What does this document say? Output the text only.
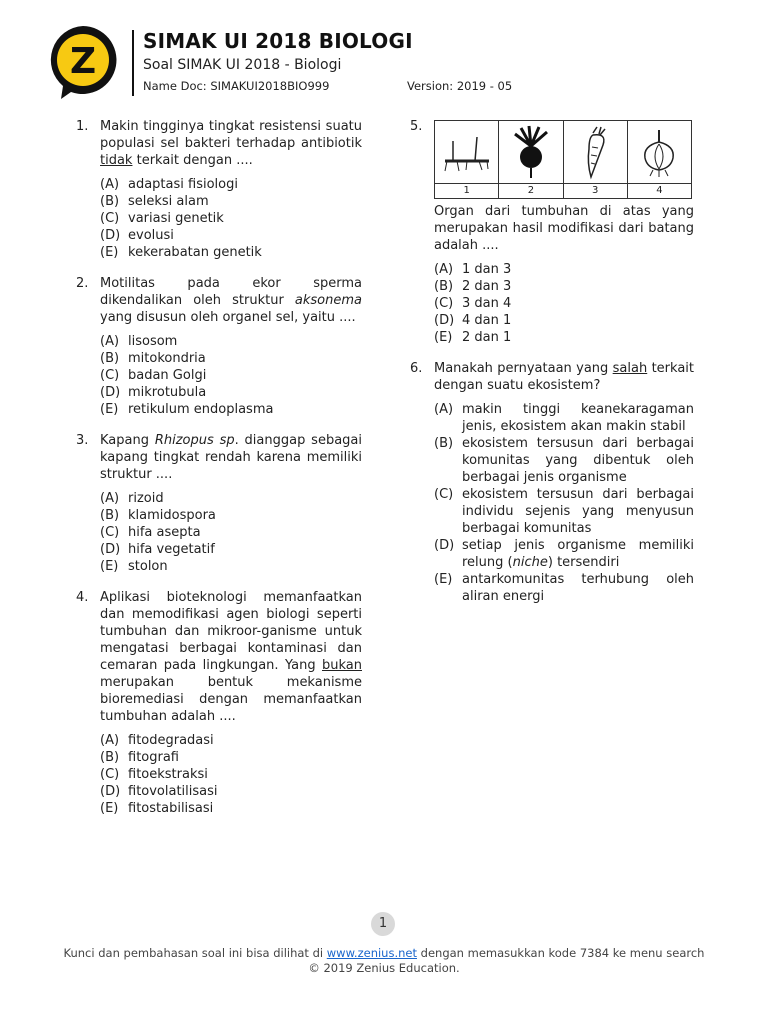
Z SIMAK UI 2018 BIOLOGI
Soal SIMAK UI 2018 - Biologi
Name Doc: SIMAKUI2018BIO999	Version: 2019 - 05
1. Makin tingginya tingkat resistensi suatu populasi sel bakteri terhadap antibiotik tidak terkait dengan ....

(A) adaptasi fisiologi
(B) seleksi alam
(C) variasi genetik
(D) evolusi
(E) kekerabatan genetik
2. Motilitas pada ekor sperma dikendalikan oleh struktur aksonema yang disusun oleh organel sel, yaitu ....

(A) lisosom
(B) mitokondria
(C) badan Golgi
(D) mikrotubula
(E) retikulum endoplasma
3. Kapang Rhizopus sp. dianggap sebagai kapang tingkat rendah karena memiliki struktur ....

(A) rizoid
(B) klamidospora
(C) hifa asepta
(D) hifa vegetatif
(E) stolon
4. Aplikasi bioteknologi memanfaatkan dan memodifikasi agen biologi seperti tumbuhan dan mikroor-ganisme untuk mengatasi berbagai kontaminasi dan cemaran pada lingkungan. Yang bukan merupakan bentuk mekanisme bioremediasi dengan memanfaatkan tumbuhan adalah ....

(A) fitodegradasi
(B) fitografi
(C) fitoekstraksi
(D) fitovolatilisasi
(E) fitostabilisasi
5.
1	2	3	4

Organ dari tumbuhan di atas yang merupakan hasil modifikasi dari batang adalah ....

(A) 1 dan 3
(B) 2 dan 3
(C) 3 dan 4
(D) 4 dan 1
(E) 2 dan 1
6. Manakah pernyataan yang salah terkait dengan suatu ekosistem?

(A) makin tinggi keanekaragaman jenis, ekosistem akan makin stabil
(B) ekosistem tersusun dari berbagai komunitas yang dibentuk oleh berbagai jenis organisme
(C) ekosistem tersusun dari berbagai individu sejenis yang menyusun berbagai komunitas
(D) setiap jenis organisme memiliki relung (niche) tersendiri
(E) antarkomunitas terhubung oleh aliran energi
1
Kunci dan pembahasan soal ini bisa dilihat di www.zenius.net dengan memasukkan kode 7384 ke menu search
© 2019 Zenius Education.
